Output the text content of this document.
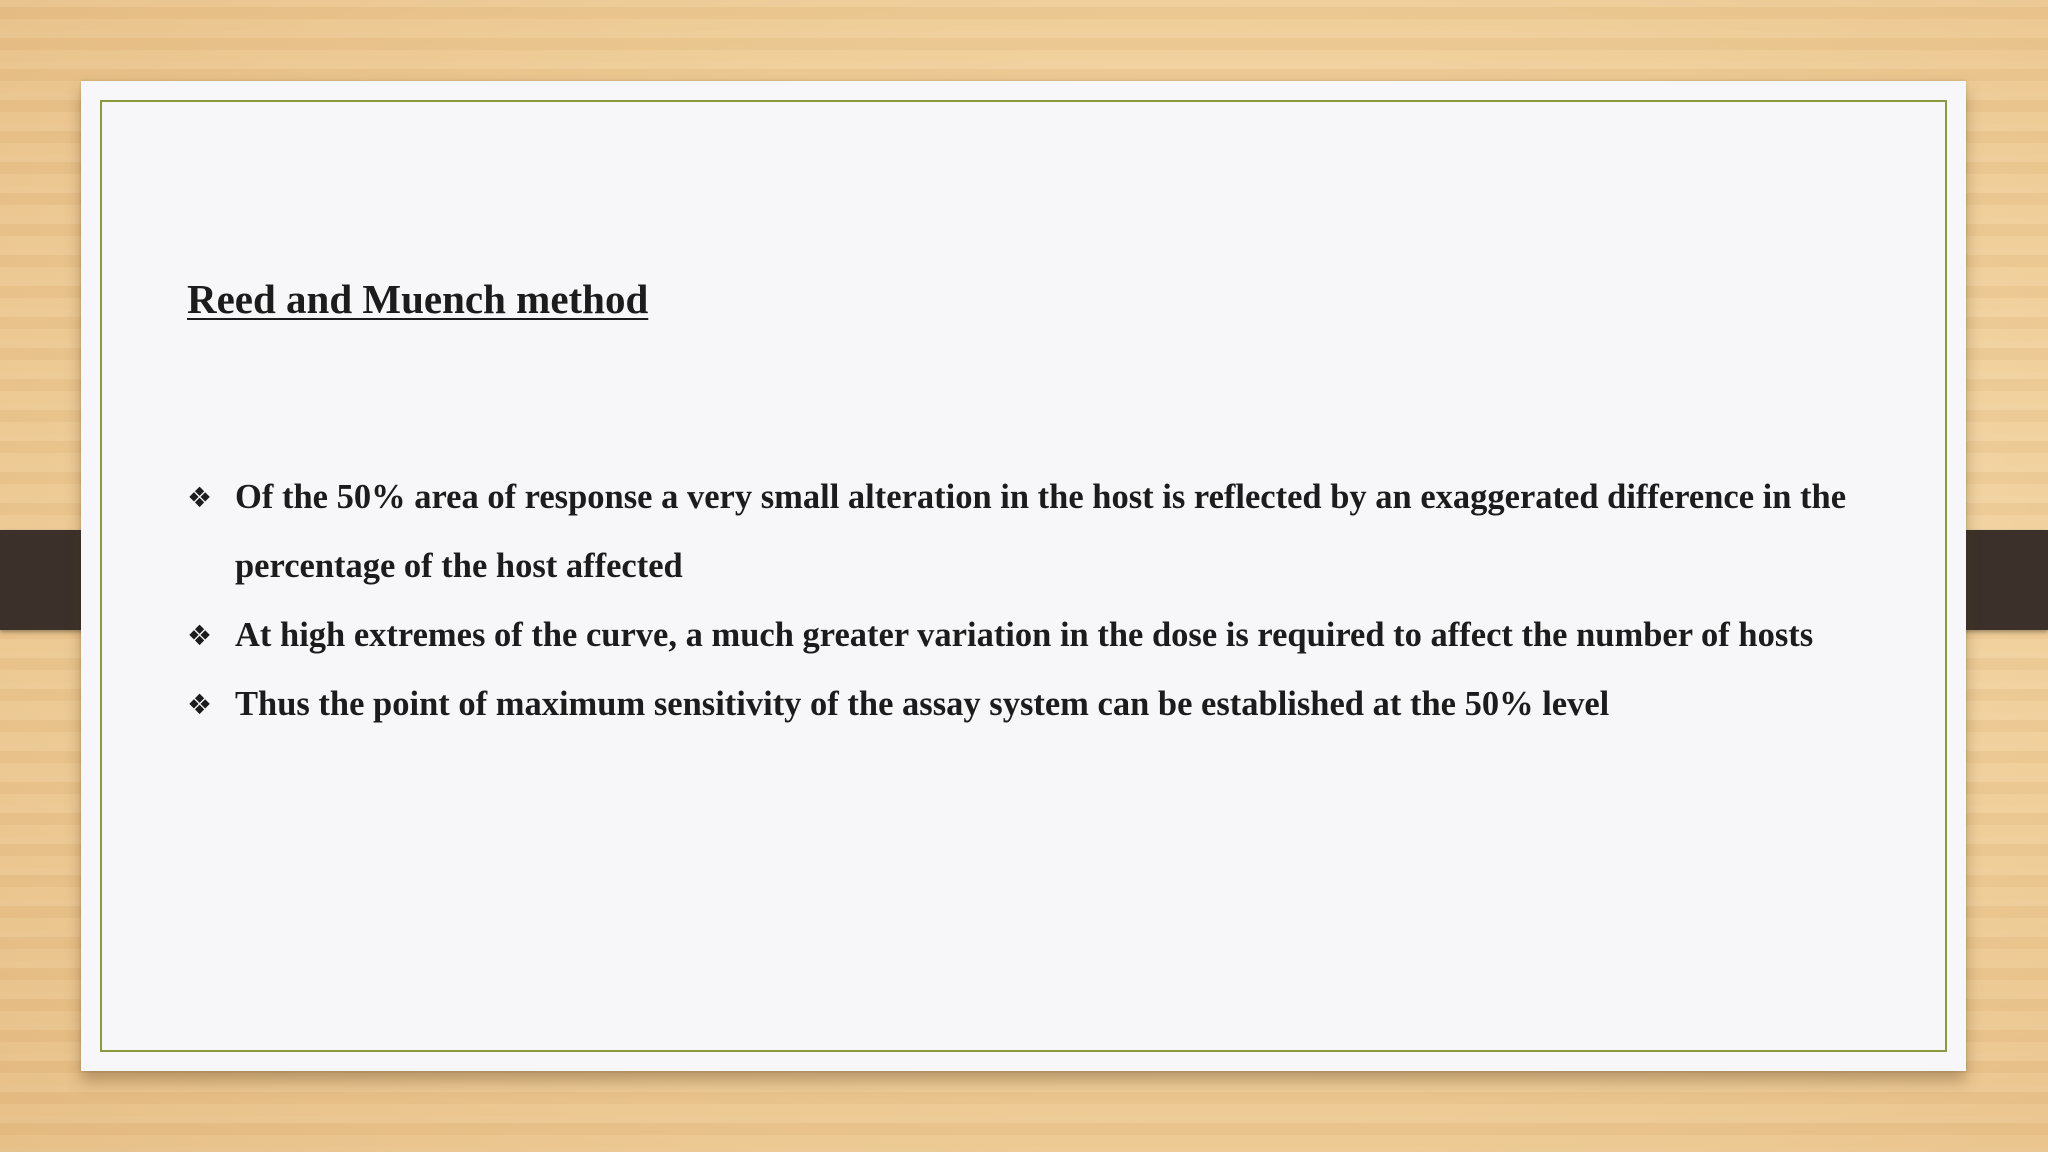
Reed and Muench method
❖ Of the 50% area of response a very small alteration in the host is reflected by an exaggerated difference in the percentage of the host affected
❖ At high extremes of the curve, a much greater variation in the dose is required to affect the number of hosts
❖ Thus the point of maximum sensitivity of the assay system can be established at the 50% level
